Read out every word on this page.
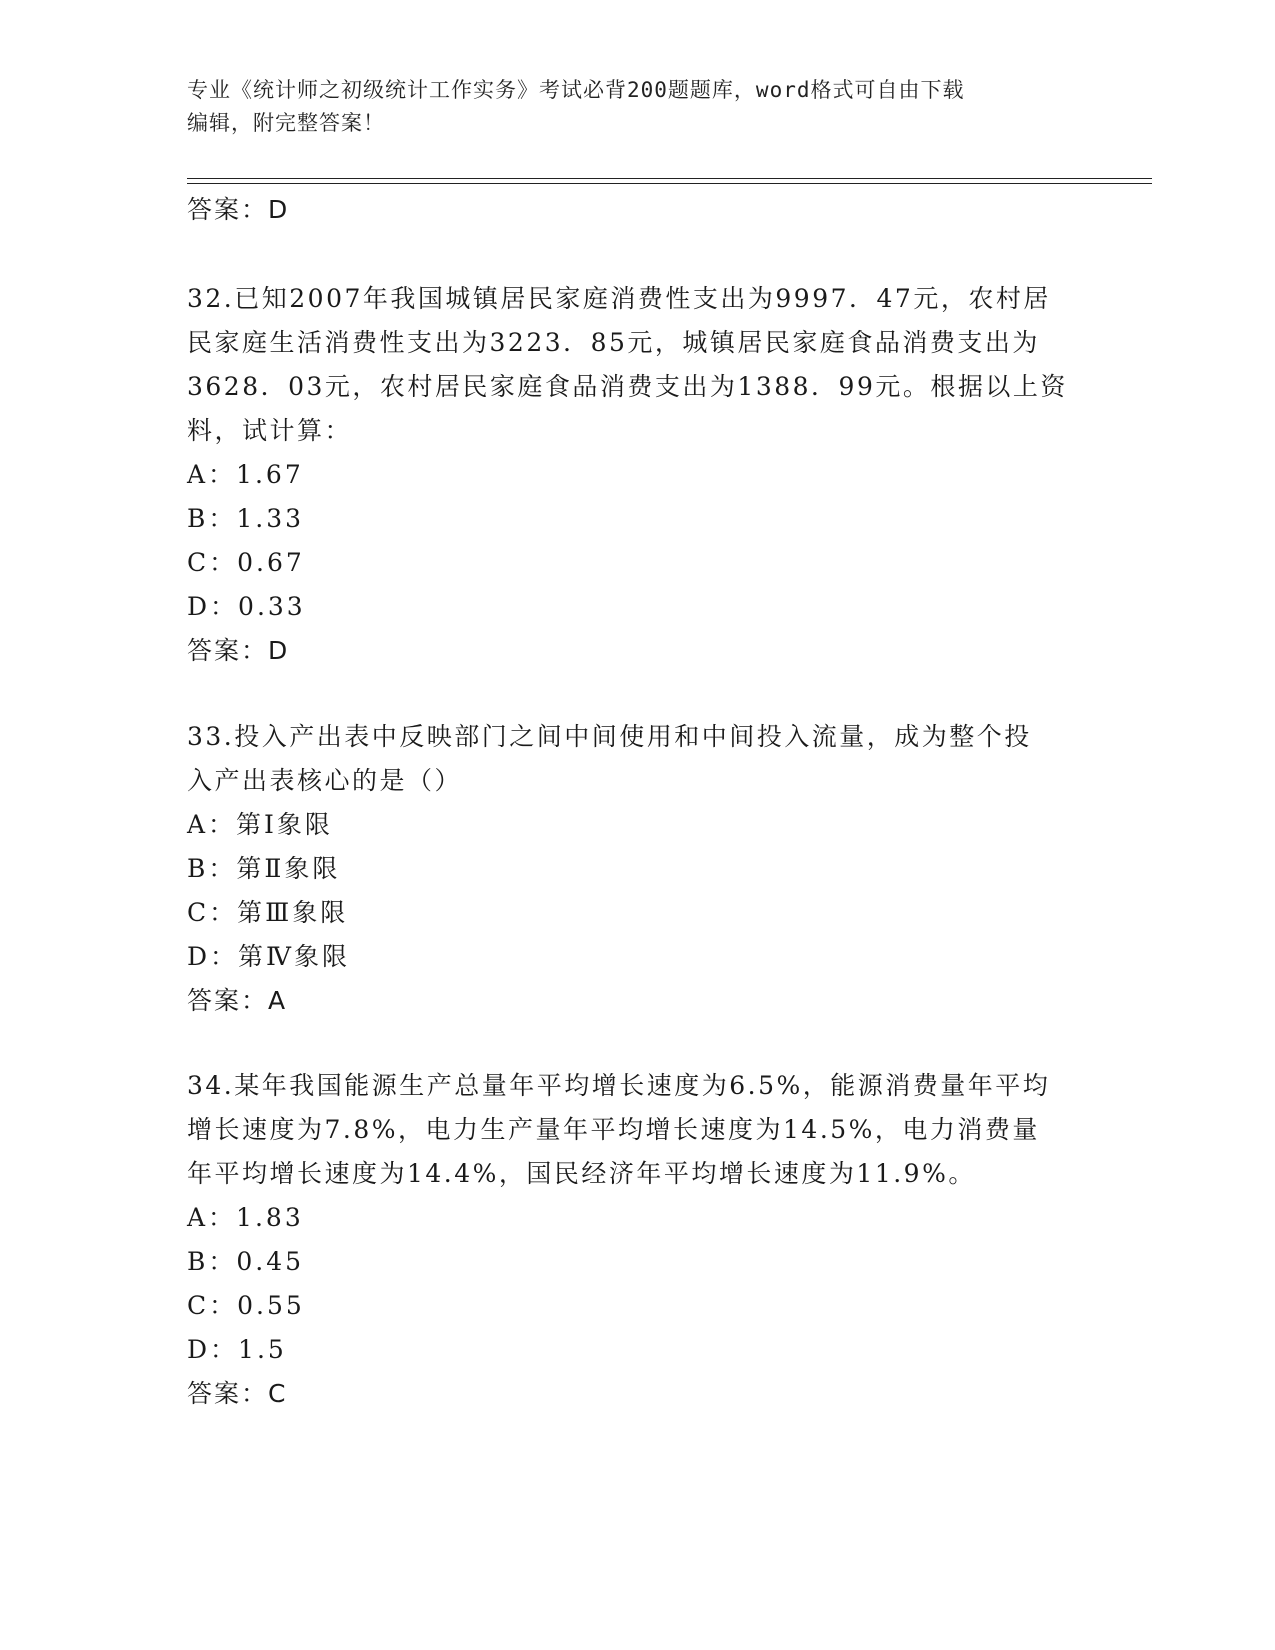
专业《统计师之初级统计工作实务》考试必背200题题库，word格式可自由下载
编辑，附完整答案！
答案：D
32.已知2007年我国城镇居民家庭消费性支出为9997．47元，农村居
民家庭生活消费性支出为3223．85元，城镇居民家庭食品消费支出为
3628．03元，农村居民家庭食品消费支出为1388．99元。根据以上资
料，试计算：
A：1.67
B：1.33
C：0.67
D：0.33
答案：D
33.投入产出表中反映部门之间中间使用和中间投入流量，成为整个投
入产出表核心的是（）
A：第Ⅰ象限
B：第Ⅱ象限
C：第Ⅲ象限
D：第Ⅳ象限
答案：A
34.某年我国能源生产总量年平均增长速度为6.5%，能源消费量年平均
增长速度为7.8%，电力生产量年平均增长速度为14.5%，电力消费量
年平均增长速度为14.4%，国民经济年平均增长速度为11.9%。
A：1.83
B：0.45
C：0.55
D：1.5
答案：C
